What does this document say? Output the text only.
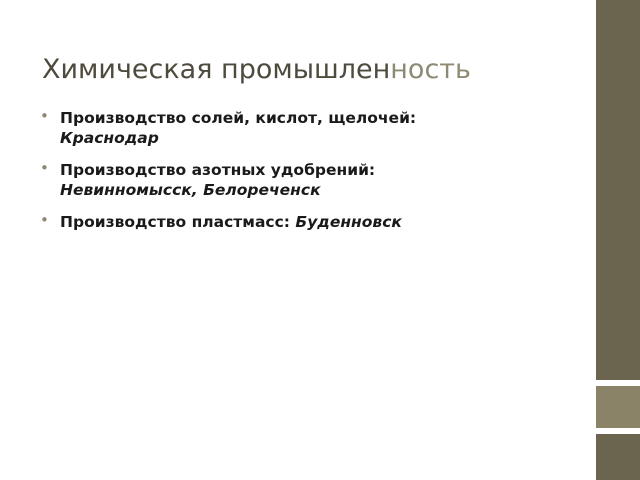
Химическая промышленность
• Производство солей, кислот, щелочей:
Краснодар
• Производство азотных удобрений:
Невинномысск, Белореченск
• Производство пластмасс: Буденновск
